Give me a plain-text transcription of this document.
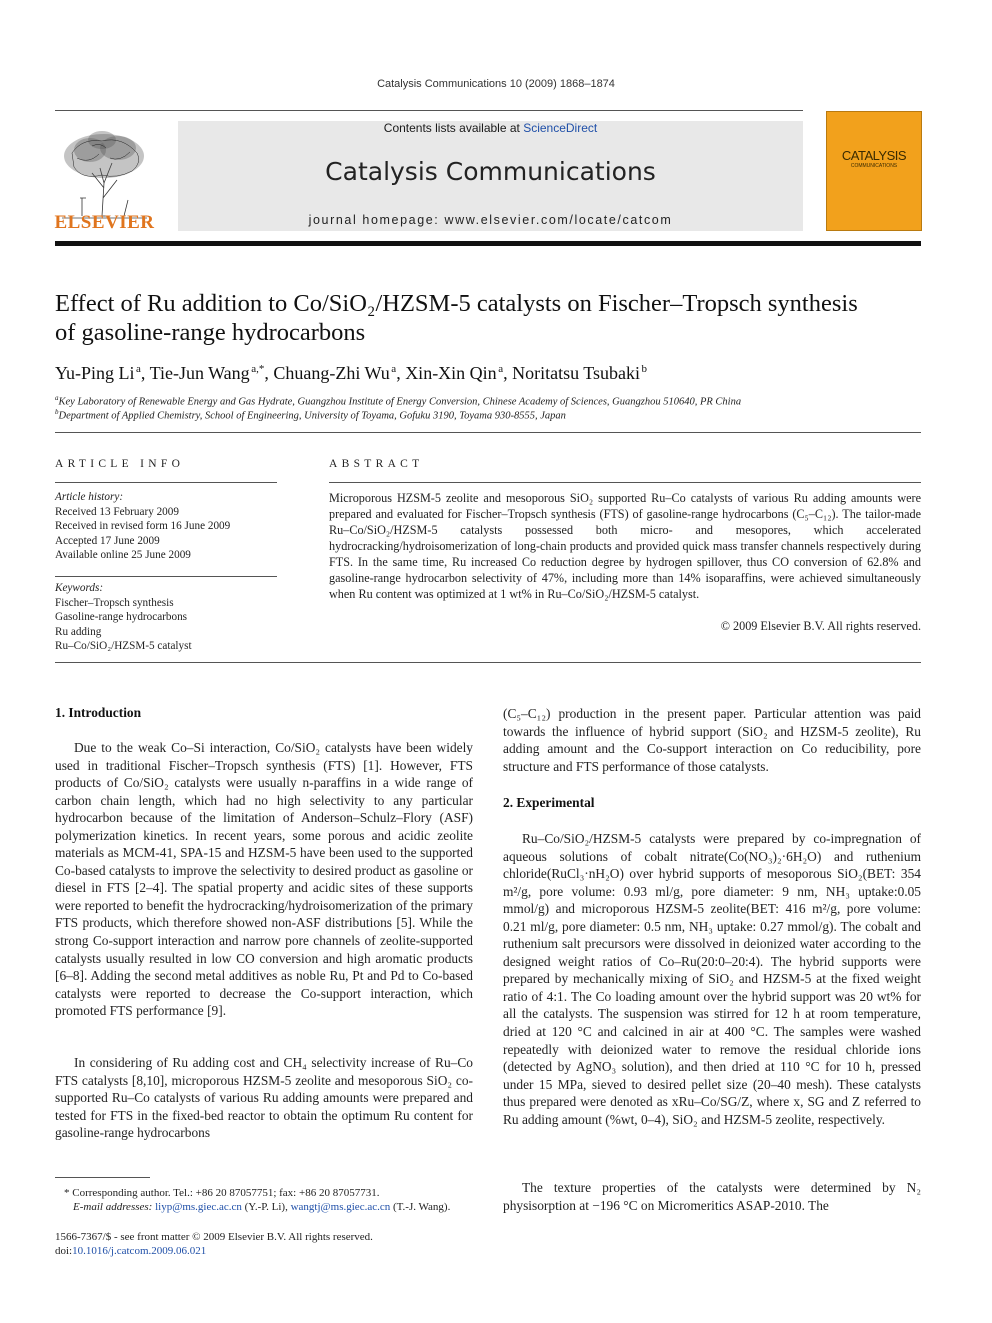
Catalysis Communications 10 (2009) 1868–1874
ELSEVIER
Contents lists available at ScienceDirect
Catalysis Communications
journal homepage: www.elsevier.com/locate/catcom
CATALYSIS
COMMUNICATIONS
Effect of Ru addition to Co/SiO₂/HZSM-5 catalysts on Fischer–Tropsch synthesis
of gasoline-range hydrocarbons
Yu-Ping Li  $^a$, Tie-Jun Wang  $^{a,*}$, Chuang-Zhi Wu  $^a$, Xin-Xin Qin  $^a$, Noritatsu Tsubaki  $^b$
$^a$Key Laboratory of Renewable Energy and Gas Hydrate, Guangzhou Institute of Energy Conversion, Chinese Academy of Sciences, Guangzhou 510640, PR China
$^b$Department of Applied Chemistry, School of Engineering, University of Toyama, Gofuku 3190, Toyama 930-8555, Japan
ARTICLE INFO
Article history:
Received 13 February 2009
Received in revised form 16 June 2009
Accepted 17 June 2009
Available online 25 June 2009
Keywords:
Fischer–Tropsch synthesis
Gasoline-range hydrocarbons
Ru adding
Ru–Co/SiO₂/HZSM-5 catalyst
ABSTRACT
Microporous HZSM-5 zeolite and mesoporous SiO₂ supported Ru–Co catalysts of various Ru adding amounts were prepared and evaluated for Fischer–Tropsch synthesis (FTS) of gasoline-range hydrocarbons (C₅–C₁₂). The tailor-made Ru–Co/SiO₂/HZSM-5 catalysts possessed both micro- and mesopores, which accelerated hydrocracking/hydroisomerization of long-chain products and provided quick mass transfer channels respectively during FTS. In the same time, Ru increased Co reduction degree by hydrogen spillover, thus CO conversion of 62.8% and gasoline-range hydrocarbon selectivity of 47%, including more than 14% isoparaffins, were achieved simultaneously when Ru content was optimized at 1 wt% in Ru–Co/SiO₂/HZSM-5 catalyst.
© 2009 Elsevier B.V. All rights reserved.
1. Introduction
Due to the weak Co–Si interaction, Co/SiO₂ catalysts have been widely used in traditional Fischer–Tropsch synthesis (FTS) [1]. However, FTS products of Co/SiO₂ catalysts were usually n-paraffins in a wide range of carbon chain length, which had no high selectivity to any particular hydrocarbon because of the limitation of Anderson–Schulz–Flory (ASF) polymerization kinetics. In recent years, some porous and acidic zeolite materials as MCM-41, SPA-15 and HZSM-5 have been used to the supported Co-based catalysts to improve the selectivity to desired product as gasoline or diesel in FTS [2–4]. The spatial property and acidic sites of these supports were reported to benefit the hydrocracking/hydroisomerization of the primary FTS products, which therefore showed non-ASF distributions [5]. While the strong Co-support interaction and narrow pore channels of zeolite-supported catalysts usually resulted in low CO conversion and high aromatic products [6–8]. Adding the second metal additives as noble Ru, Pt and Pd to Co-based catalysts were reported to decrease the Co-support interaction, which promoted FTS performance [9].
In considering of Ru adding cost and CH₄ selectivity increase of Ru–Co FTS catalysts [8,10], microporous HZSM-5 zeolite and mesoporous SiO₂ co-supported Ru–Co catalysts of various Ru adding amounts were prepared and tested for FTS in the fixed-bed reactor to obtain the optimum Ru content for gasoline-range hydrocarbons
* Corresponding author. Tel.: +86 20 87057751; fax: +86 20 87057731.
E-mail addresses: liyp@ms.giec.ac.cn (Y.-P. Li), wangtj@ms.giec.ac.cn (T.-J. Wang).
1566-7367/$ - see front matter © 2009 Elsevier B.V. All rights reserved.
doi:10.1016/j.catcom.2009.06.021
(C₅–C₁₂) production in the present paper. Particular attention was paid towards the influence of hybrid support (SiO₂ and HZSM-5 zeolite), Ru adding amount and the Co-support interaction on Co reducibility, pore structure and FTS performance of those catalysts.
2. Experimental
Ru–Co/SiO₂/HZSM-5 catalysts were prepared by co-impregnation of aqueous solutions of cobalt nitrate(Co(NO₃)₂·6H₂O) and ruthenium chloride(RuCl₃·nH₂O) over hybrid supports of mesoporous SiO₂(BET: 354 m²/g, pore volume: 0.93 ml/g, pore diameter: 9 nm, NH₃ uptake:0.05 mmol/g) and microporous HZSM-5 zeolite(BET: 416 m²/g, pore volume: 0.21 ml/g, pore diameter: 0.5 nm, NH₃ uptake: 0.27 mmol/g). The cobalt and ruthenium salt precursors were dissolved in deionized water according to the designed weight ratios of Co–Ru(20:0–20:4). The hybrid supports were prepared by mechanically mixing of SiO₂ and HZSM-5 at the fixed weight ratio of 4:1. The Co loading amount over the hybrid support was 20 wt% for all the catalysts. The suspension was stirred for 12 h at room temperature, dried at 120 °C and calcined in air at 400 °C. The samples were washed repeatedly with deionized water to remove the residual chloride ions (detected by AgNO₃ solution), and then dried at 110 °C for 10 h, pressed under 15 MPa, sieved to desired pellet size (20–40 mesh). These catalysts thus prepared were denoted as xRu–Co/SG/Z, where x, SG and Z referred to Ru adding amount (%wt, 0–4), SiO₂ and HZSM-5 zeolite, respectively.
The texture properties of the catalysts were determined by N₂ physisorption at −196 °C on Micromeritics ASAP-2010. The
